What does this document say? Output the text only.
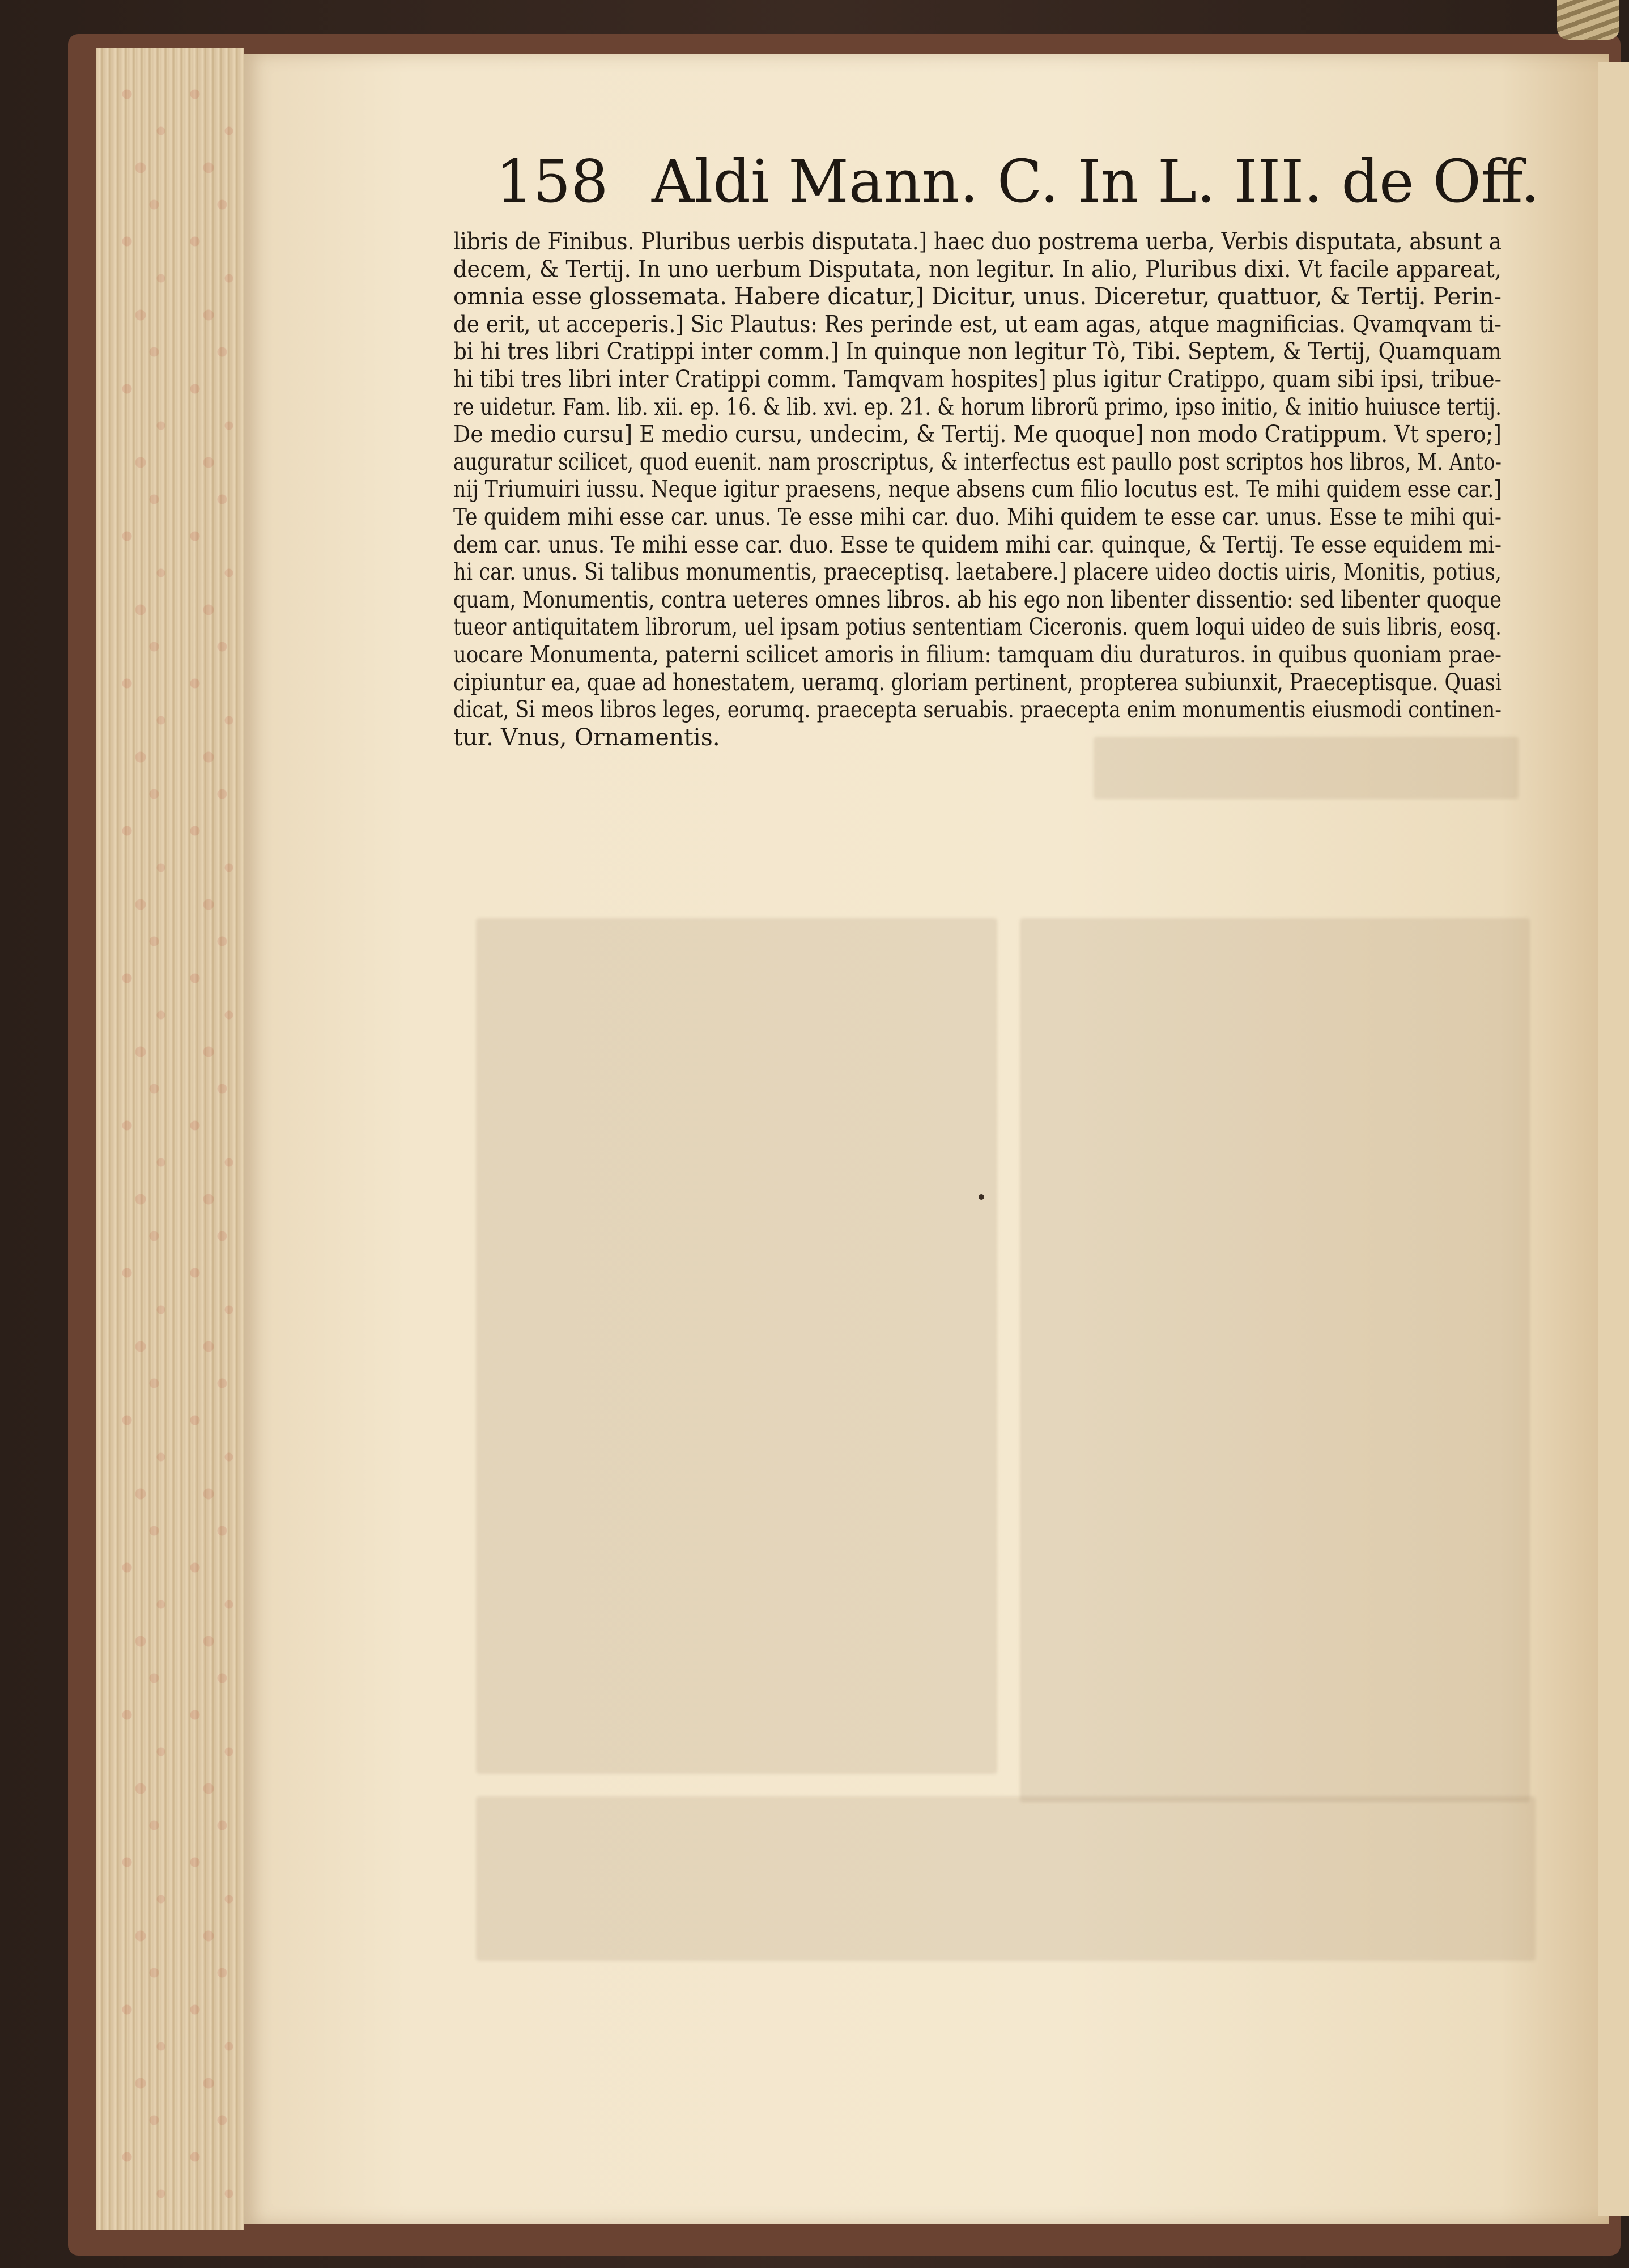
158 Aldi Mann. C. In L. III. de Off.
libris de Finibus. Pluribus uerbis disputata.] haec duo postrema uerba, Verbis disputata, absunt a
decem, & Tertij. In uno uerbum Disputata, non legitur. In alio, Pluribus dixi. Vt facile appareat,
omnia esse glossemata. Habere dicatur,] Dicitur, unus. Diceretur, quattuor, & Tertij. Perin-
de erit, ut acceperis.] Sic Plautus: Res perinde est, ut eam agas, atque magnificias. Qvamqvam ti-
bi hi tres libri Cratippi inter comm.] In quinque non legitur Tὸ, Tibi. Septem, & Tertij, Quamquam
hi tibi tres libri inter Cratippi comm. Tamqvam hospites] plus igitur Cratippo, quam sibi ipsi, tribue-
re uidetur. Fam. lib. xii. ep. 16. & lib. xvi. ep. 21. & horum librorũ primo, ipso initio, & initio huiusce tertij.
De medio cursu] E medio cursu, undecim, & Tertij. Me quoque] non modo Cratippum. Vt spero;]
auguratur scilicet, quod euenit. nam proscriptus, & interfectus est paullo post scriptos hos libros, M. Anto-
nij Triumuiri iussu. Neque igitur praesens, neque absens cum filio locutus est. Te mihi quidem esse car.]
Te quidem mihi esse car. unus. Te esse mihi car. duo. Mihi quidem te esse car. unus. Esse te mihi qui-
dem car. unus. Te mihi esse car. duo. Esse te quidem mihi car. quinque, & Tertij. Te esse equidem mi-
hi car. unus. Si talibus monumentis, praeceptisq. laetabere.] placere uideo doctis uiris, Monitis, potius,
quam, Monumentis, contra ueteres omnes libros. ab his ego non libenter dissentio: sed libenter quoque
tueor antiquitatem librorum, uel ipsam potius sententiam Ciceronis. quem loqui uideo de suis libris, eosq.
uocare Monumenta, paterni scilicet amoris in filium: tamquam diu duraturos. in quibus quoniam prae-
cipiuntur ea, quae ad honestatem, ueramq. gloriam pertinent, propterea subiunxit, Praeceptisque. Quasi
dicat, Si meos libros leges, eorumq. praecepta seruabis. praecepta enim monumentis eiusmodi continen-
tur. Vnus, Ornamentis.
